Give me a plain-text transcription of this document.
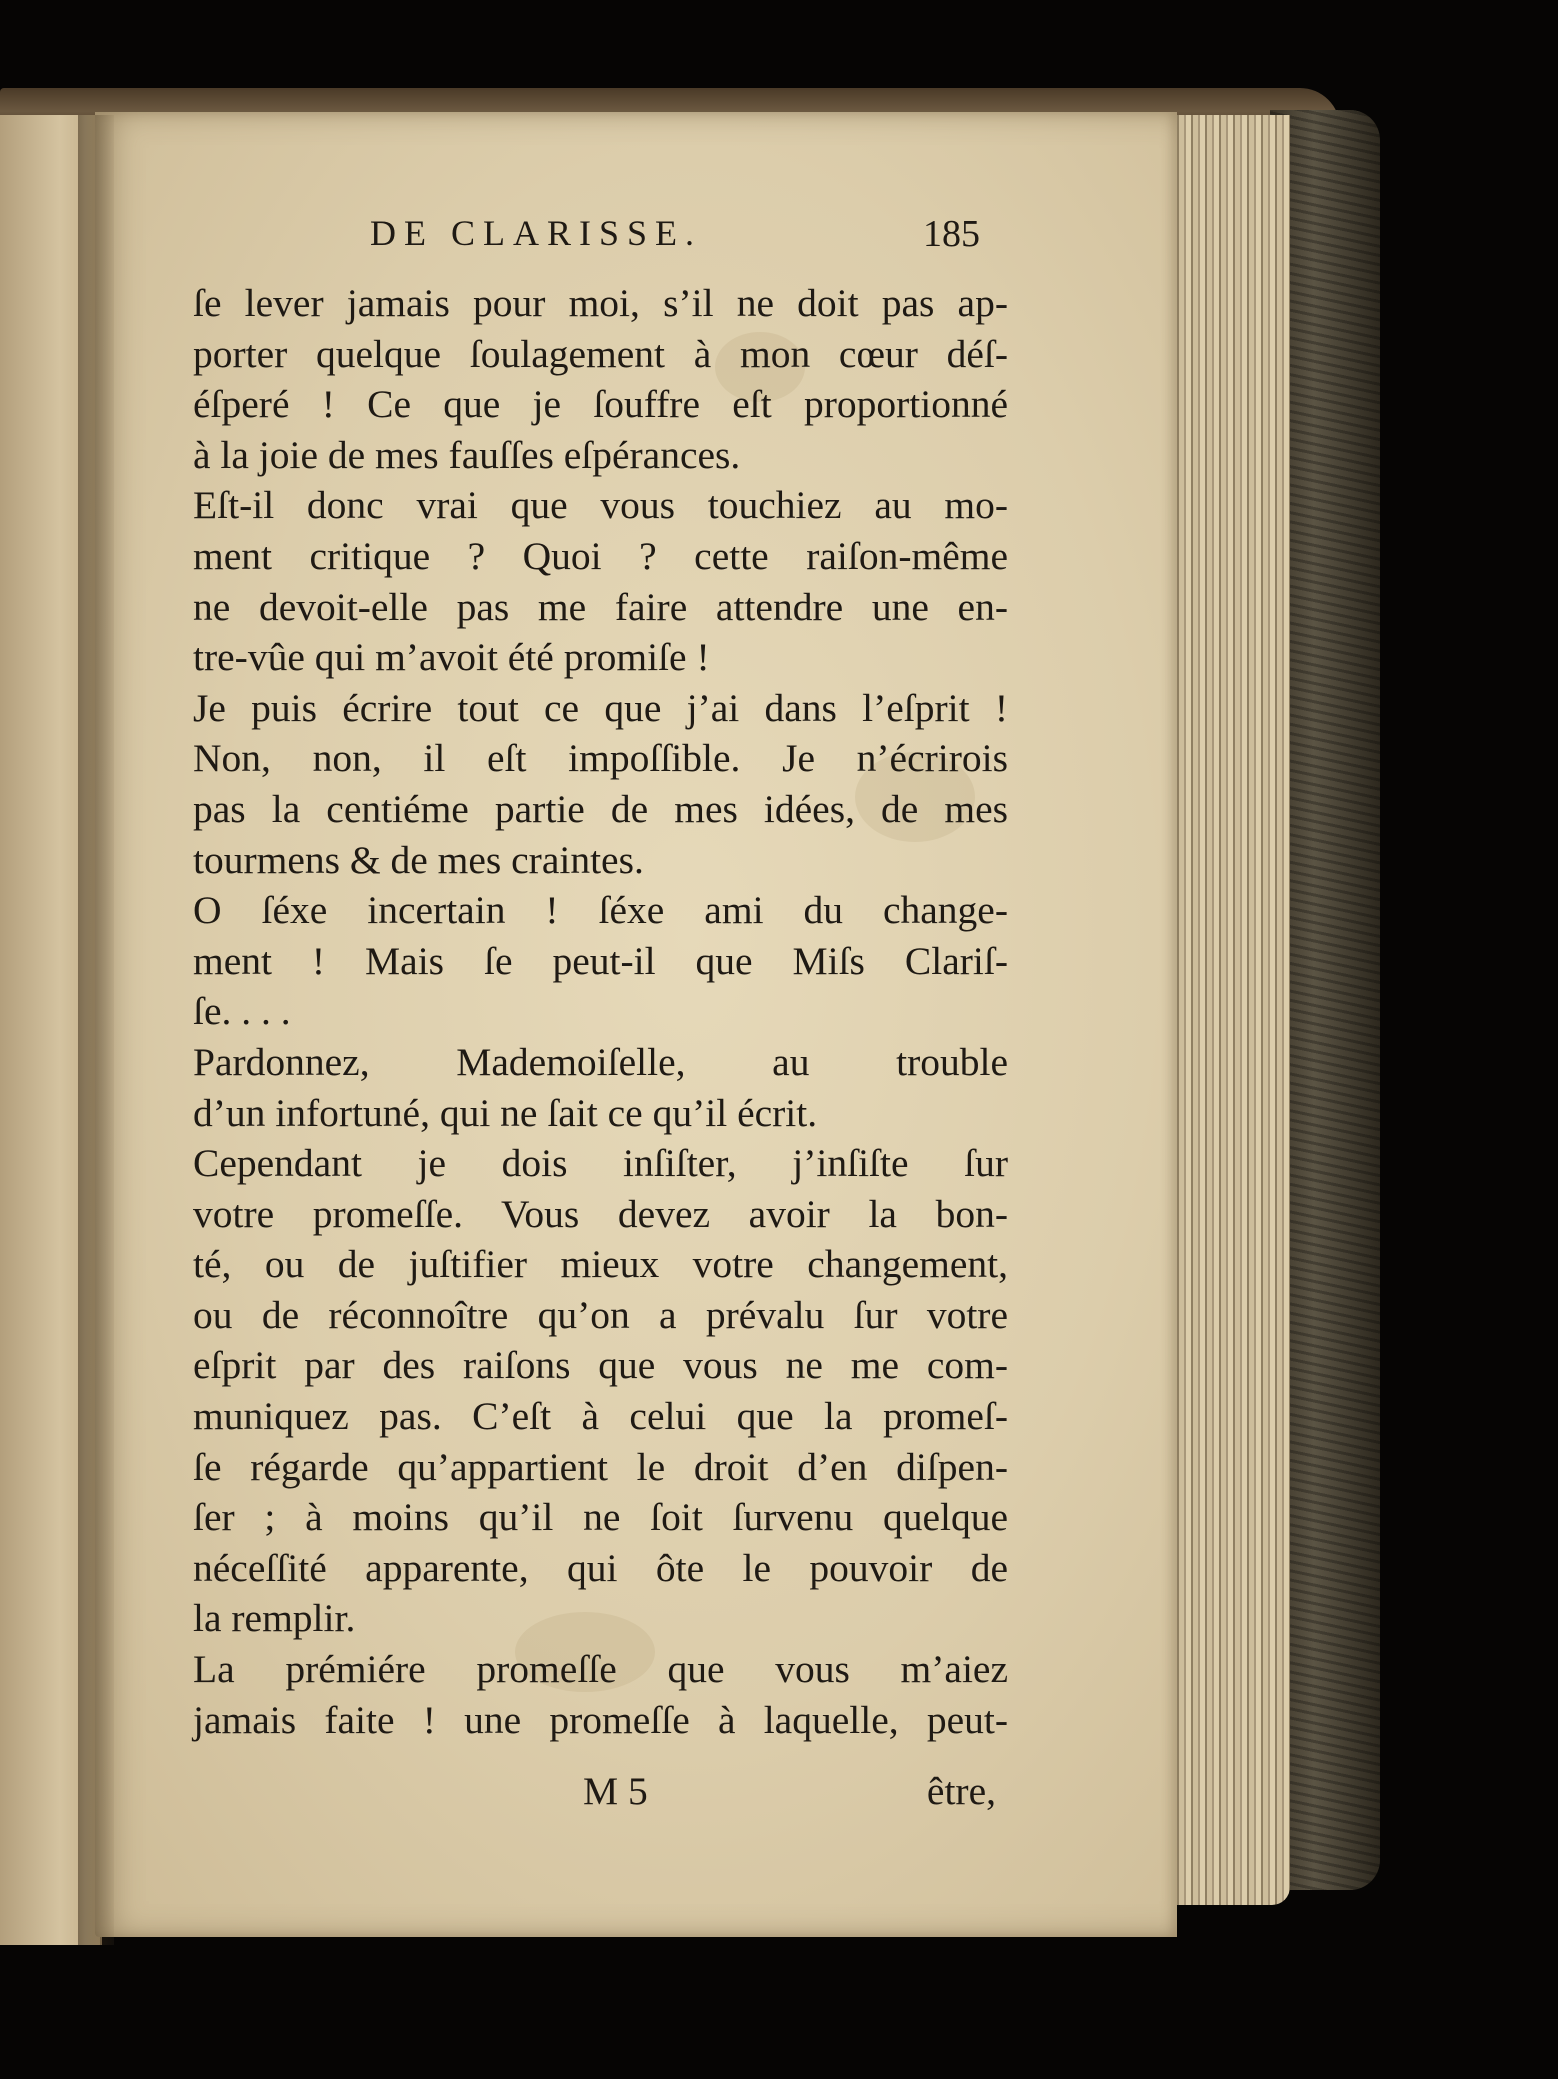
DE CLARISSE.	185
ſe lever jamais pour moi, s’il ne doit pas ap-
porter quelque ſoulagement à mon cœur déſ-
éſperé ! Ce que je ſouffre eſt proportionné
à la joie de mes fauſſes eſpérances.
Eſt-il donc vrai que vous touchiez au mo-
ment critique ? Quoi ? cette raiſon-même
ne devoit-elle pas me faire attendre une en-
tre-vûe qui m’avoit été promiſe !
Je puis écrire tout ce que j’ai dans l’eſprit !
Non, non, il eſt impoſſible. Je n’écrirois
pas la centiéme partie de mes idées, de mes
tourmens & de mes craintes.
O ſéxe incertain ! ſéxe ami du change-
ment ! Mais ſe peut-il que Miſs Clariſ-
ſe. . . .
Pardonnez, Mademoiſelle, au trouble
d’un infortuné, qui ne ſait ce qu’il écrit.
Cependant je dois inſiſter, j’inſiſte ſur
votre promeſſe. Vous devez avoir la bon-
té, ou de juſtifier mieux votre changement,
ou de réconnoître qu’on a prévalu ſur votre
eſprit par des raiſons que vous ne me com-
muniquez pas. C’eſt à celui que la promeſ-
ſe régarde qu’appartient le droit d’en diſpen-
ſer ; à moins qu’il ne ſoit ſurvenu quelque
néceſſité apparente, qui ôte le pouvoir de
la remplir.
La prémiére promeſſe que vous m’aiez
jamais faite ! une promeſſe à laquelle, peut-
M 5	être,
